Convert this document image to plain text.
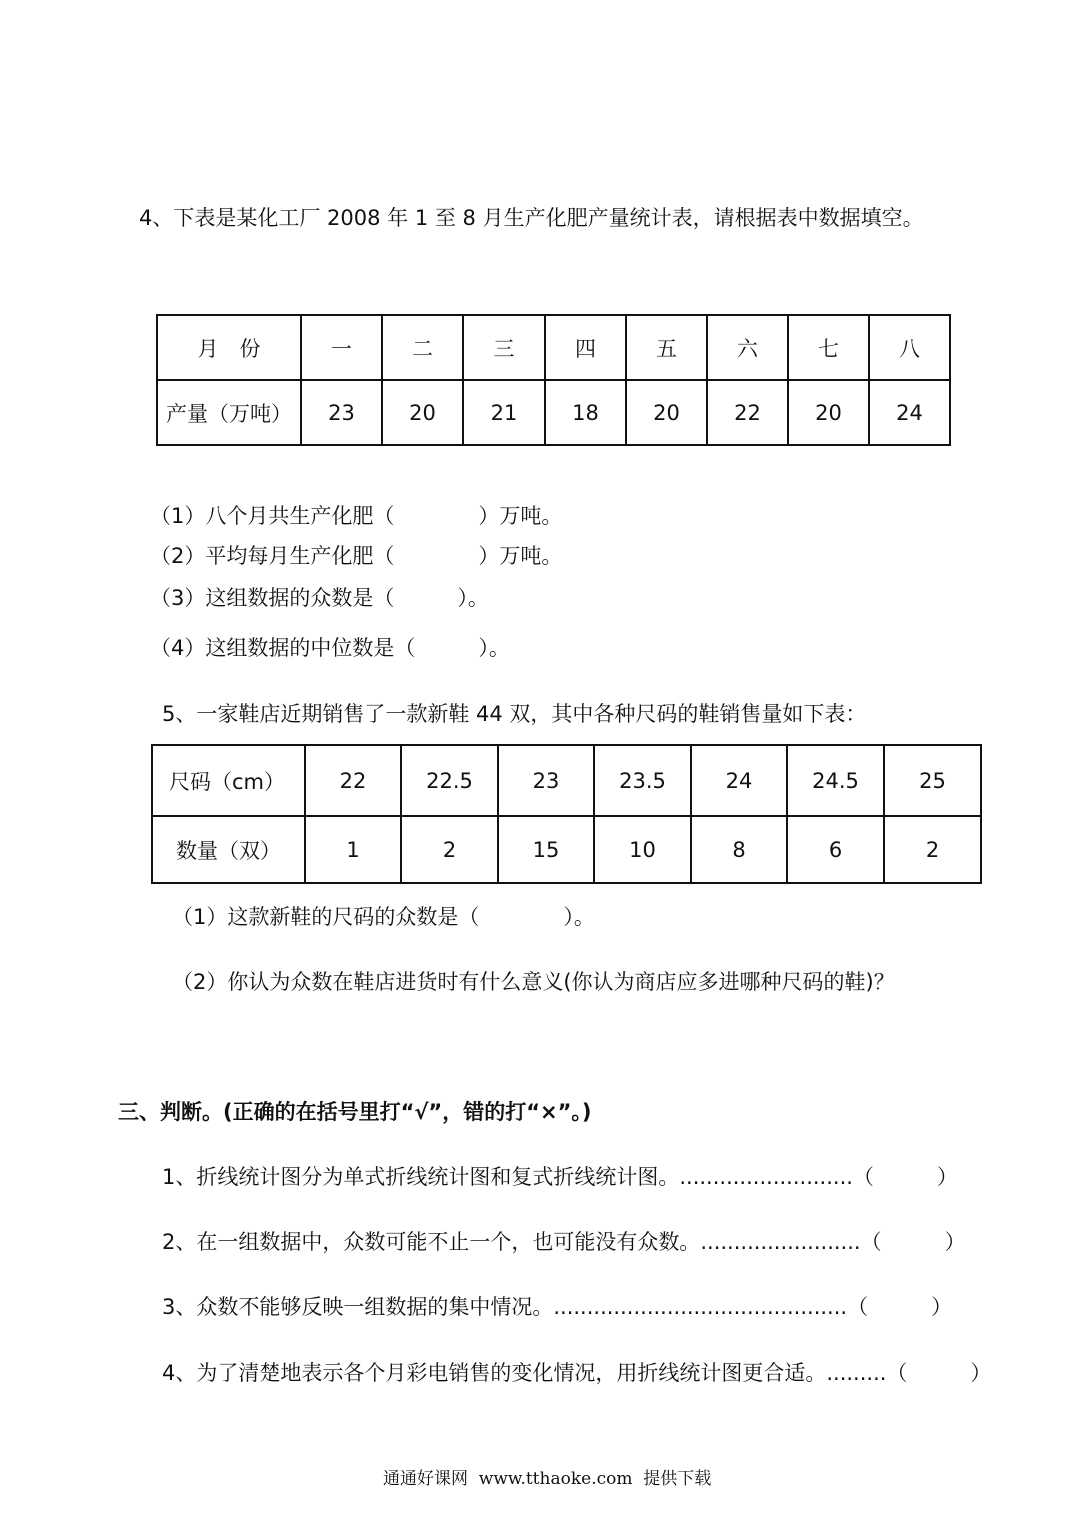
4、下表是某化工厂 2008 年 1 至 8 月生产化肥产量统计表，请根据表中数据填空。
月　份	一	二	三	四	五	六	七	八
产量（万吨）	23	20	21	18	20	22	20	24
（1）八个月共生产化肥（　　　　）万吨。
（2）平均每月生产化肥（　　　　）万吨。
（3）这组数据的众数是（　　　）。
（4）这组数据的中位数是（　　　）。
5、一家鞋店近期销售了一款新鞋 44 双，其中各种尺码的鞋销售量如下表：
尺码（cm）	22	22.5	23	23.5	24	24.5	25
数量（双）	1	2	15	10	8	6	2
（1）这款新鞋的尺码的众数是（　　　　）。
（2）你认为众数在鞋店进货时有什么意义(你认为商店应多进哪种尺码的鞋)？
三、判断。(正确的在括号里打“√”，错的打“×”。)
1、折线统计图分为单式折线统计图和复式折线统计图。..........................（　　　）
2、在一组数据中，众数可能不止一个，也可能没有众数。........................（　　　）
3、众数不能够反映一组数据的集中情况。............................................（　　　）
4、为了清楚地表示各个月彩电销售的变化情况，用折线统计图更合适。.........（　　　）
通通好课网  www.tthaoke.com  提供下载
